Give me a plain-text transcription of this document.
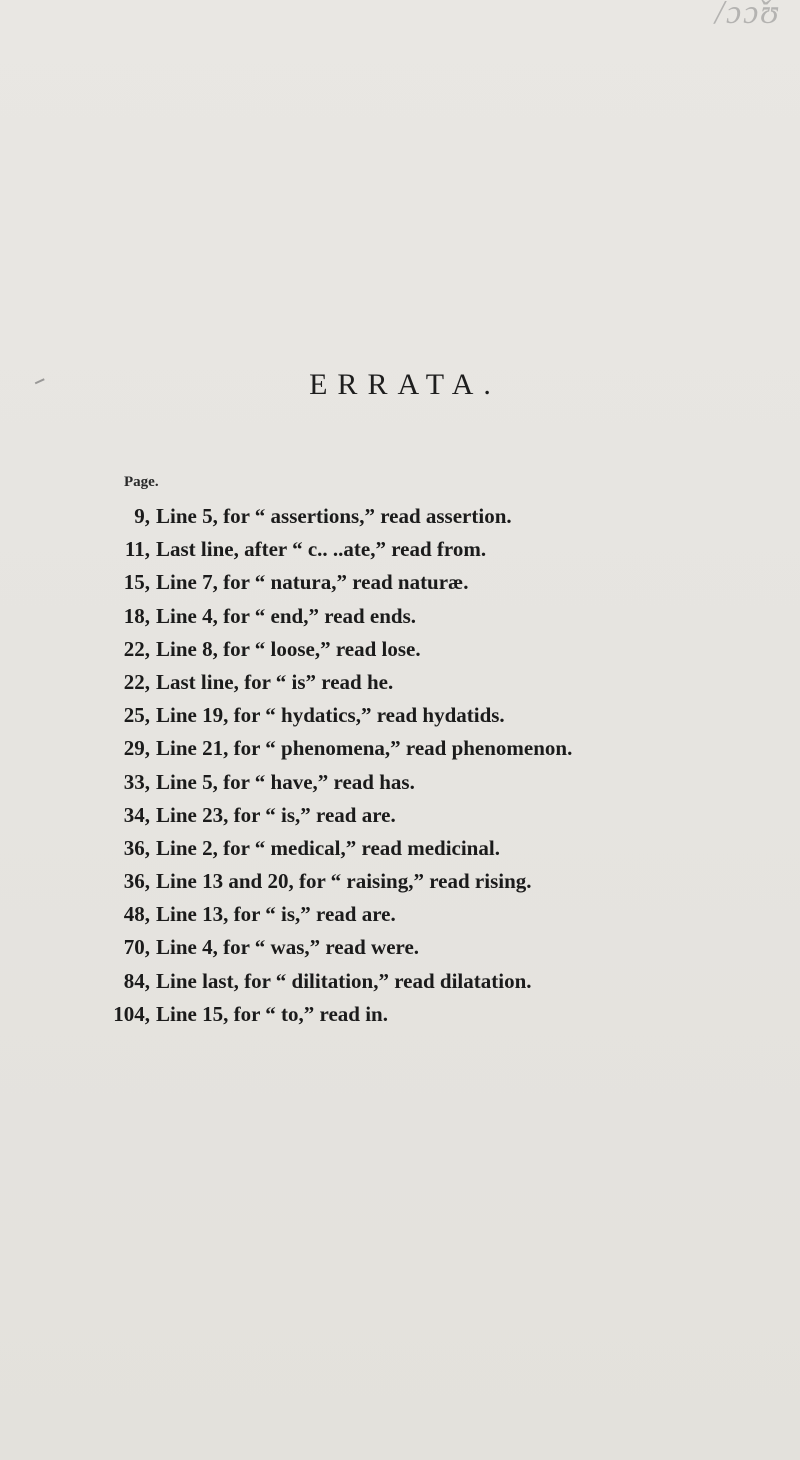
/ɔɔ̌ʊ
ERRATA.
Page.
9, Line 5, for “ assertions,” read assertion.
11, Last line, after “ c.. ..ate,” read from.
15, Line 7, for “ natura,” read naturæ.
18, Line 4, for “ end,” read ends.
22, Line 8, for “ loose,” read lose.
22, Last line, for “ is” read he.
25, Line 19, for “ hydatics,” read hydatids.
29, Line 21, for “ phenomena,” read phenomenon.
33, Line 5, for “ have,” read has.
34, Line 23, for “ is,” read are.
36, Line 2, for “ medical,” read medicinal.
36, Line 13 and 20, for “ raising,” read rising.
48, Line 13, for “ is,” read are.
70, Line 4, for “ was,” read were.
84, Line last, for “ dilitation,” read dilatation.
104, Line 15, for “ to,” read in.
